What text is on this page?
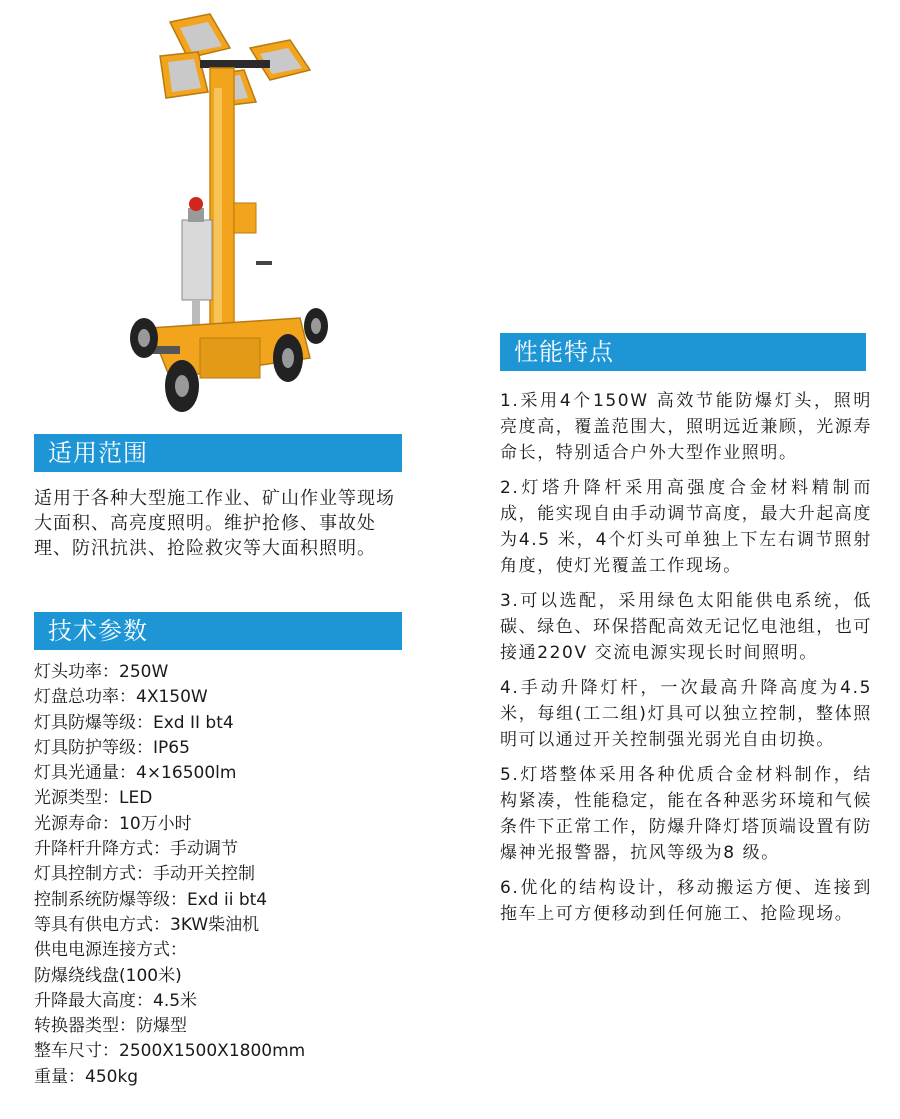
适用范围

适用于各种大型施工作业、矿山作业等现场大面积、高亮度照明。维护抢修、事故处理、防汛抗洪、抢险救灾等大面积照明。

技术参数
灯头功率：250W
灯盘总功率：4X150W
灯具防爆等级：Exd II bt4
灯具防护等级：IP65
灯具光通量：4×16500lm
光源类型：LED
光源寿命：10万小时
升降杆升降方式：手动调节
灯具控制方式：手动开关控制
控制系统防爆等级：Exd ii bt4
等具有供电方式：3KW柴油机
供电电源连接方式：
防爆绕线盘(100米)
升降最大高度：4.5米
转换器类型：防爆型
整车尺寸：2500X1500X1800mm
重量：450kg
性能特点

1.采用4个150W 高效节能防爆灯头，照明亮度高，覆盖范围大，照明远近兼顾，光源寿命长，特别适合户外大型作业照明。

2.灯塔升降杆采用高强度合金材料精制而成，能实现自由手动调节高度，最大升起高度为4.5 米，4个灯头可单独上下左右调节照射角度，使灯光覆盖工作现场。

3.可以选配，采用绿色太阳能供电系统，低碳、绿色、环保搭配高效无记忆电池组，也可接通220V 交流电源实现长时间照明。

4.手动升降灯杆，一次最高升降高度为4.5米，每组(工二组)灯具可以独立控制，整体照明可以通过开关控制强光弱光自由切换。

5.灯塔整体采用各种优质合金材料制作，结构紧凑，性能稳定，能在各种恶劣环境和气候条件下正常工作，防爆升降灯塔顶端设置有防爆神光报警器，抗风等级为8 级。

6.优化的结构设计，移动搬运方便、连接到拖车上可方便移动到任何施工、抢险现场。
